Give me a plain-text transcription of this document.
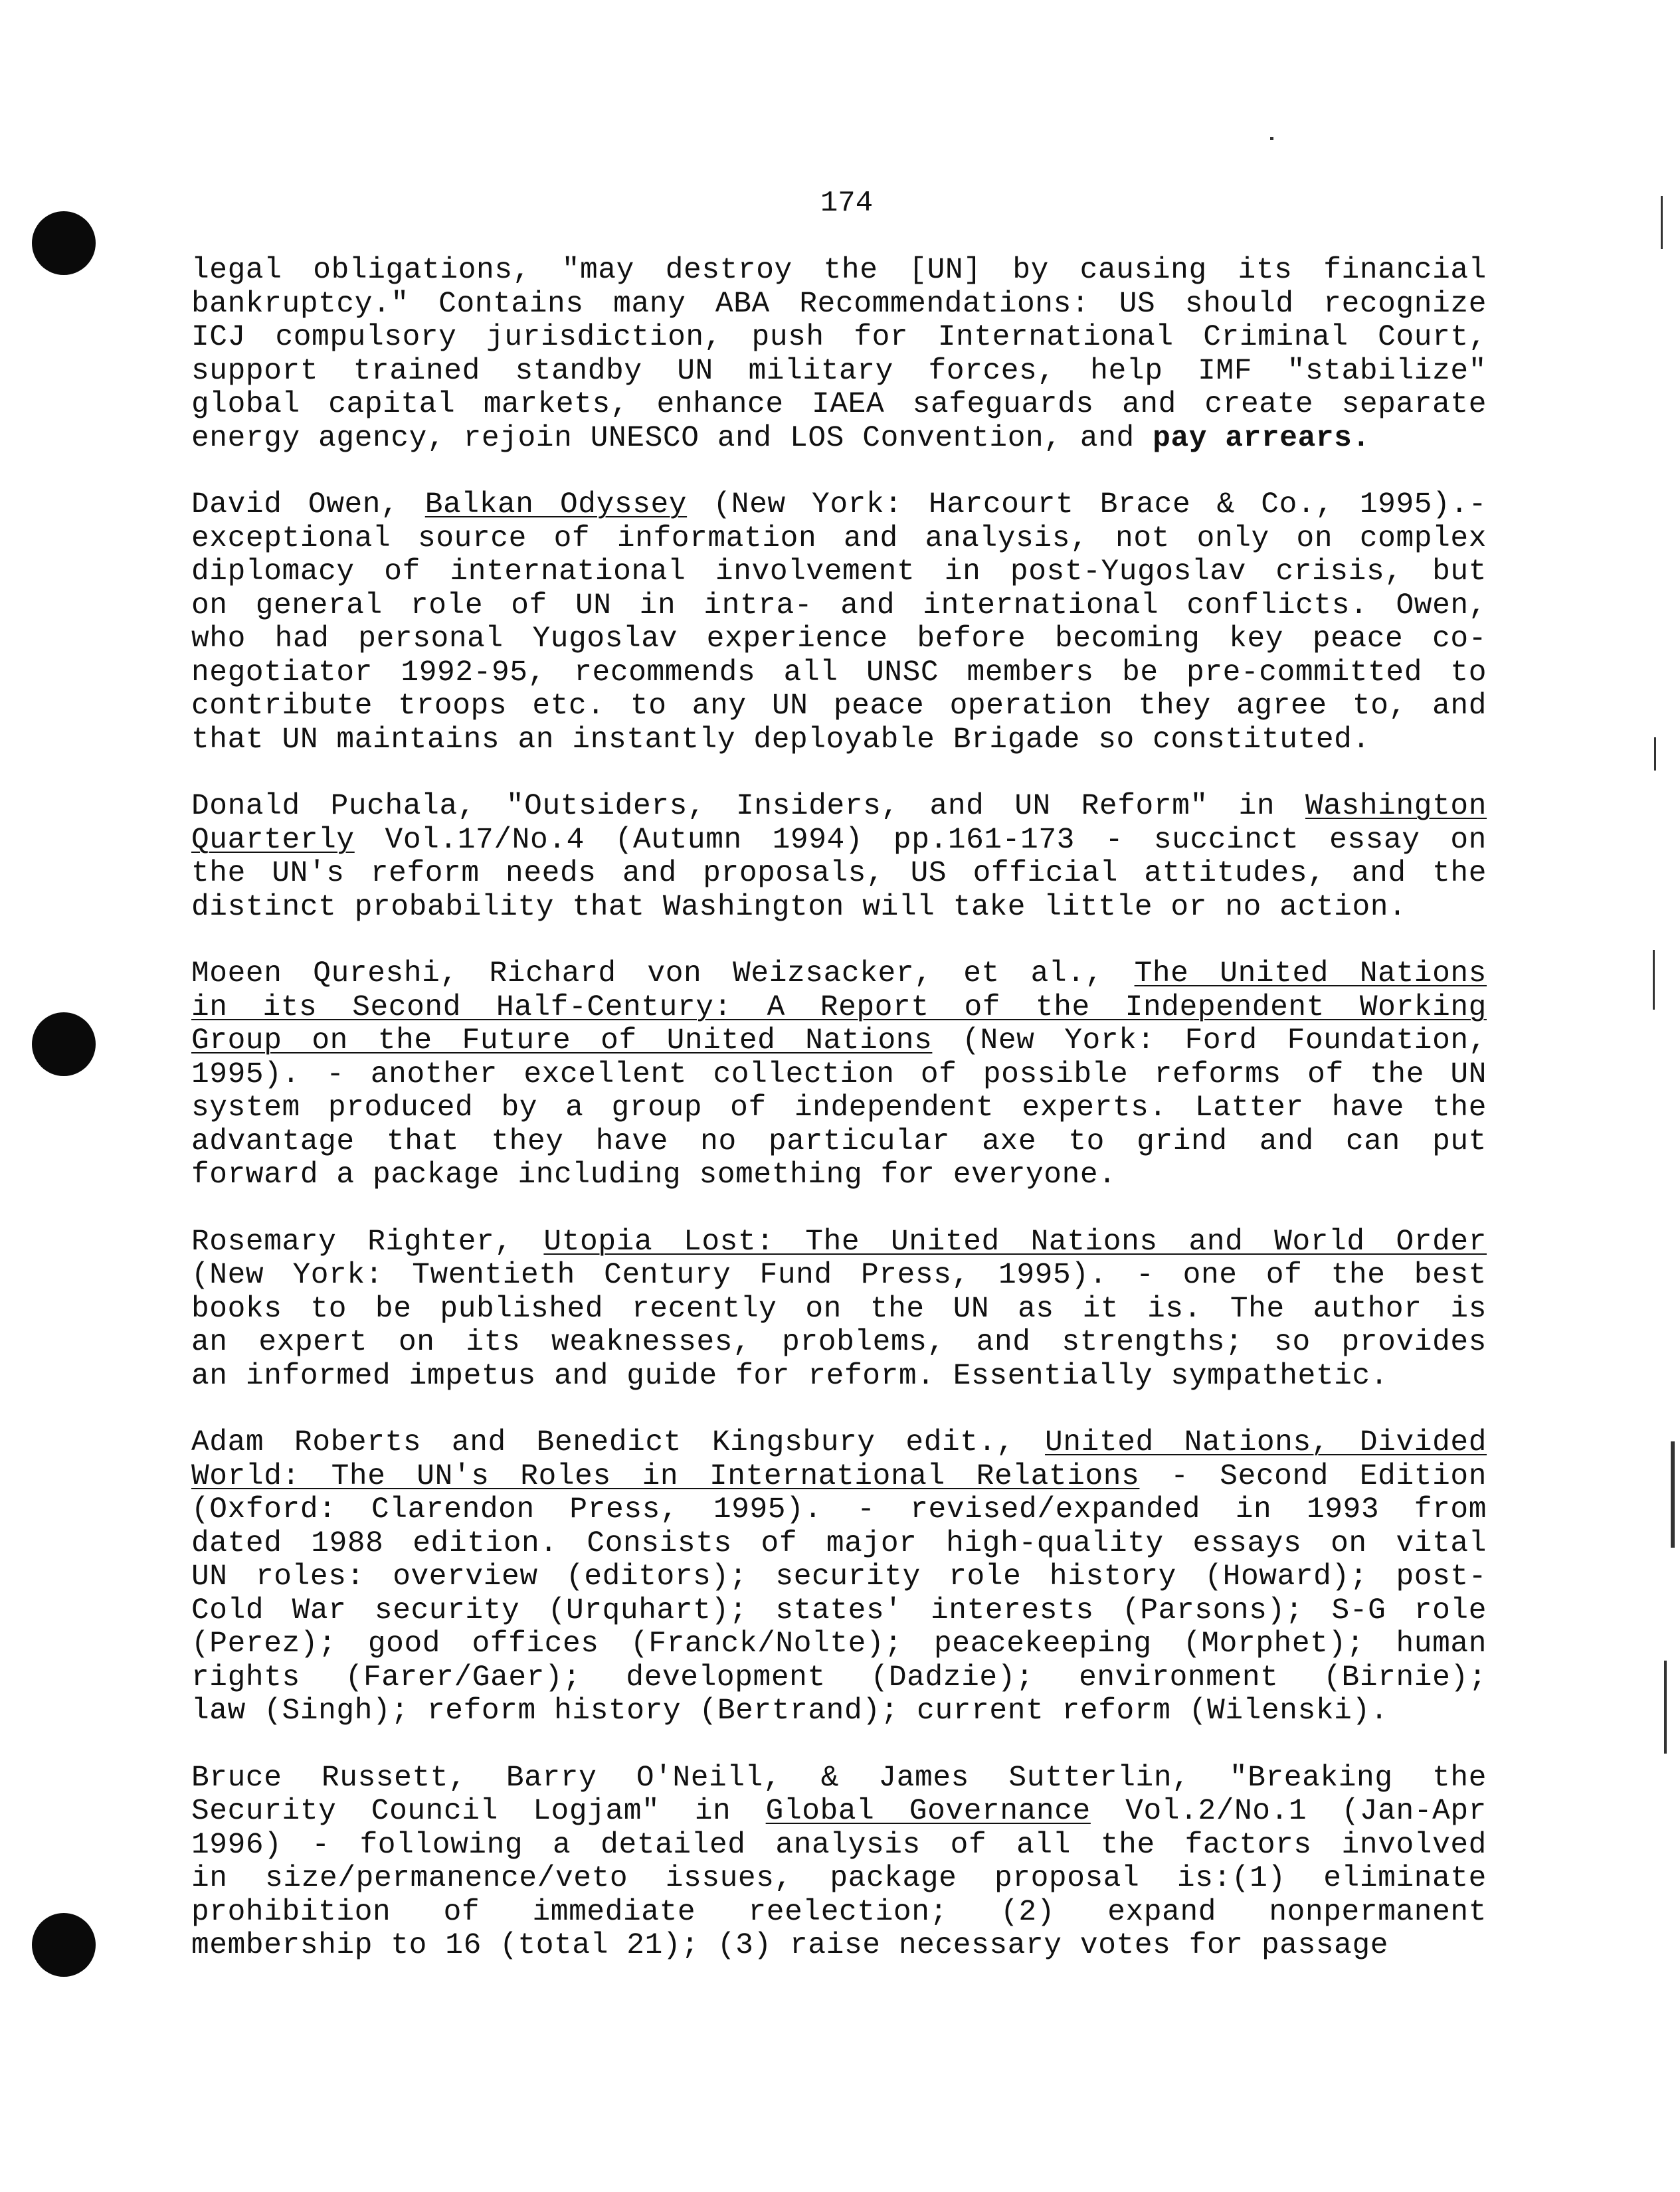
174
legal obligations, "may destroy the [UN] by causing its financial
bankruptcy." Contains many ABA Recommendations: US should recognize
ICJ compulsory jurisdiction, push for International Criminal Court,
support trained standby UN military forces, help IMF "stabilize"
global capital markets, enhance IAEA safeguards and create separate
energy agency, rejoin UNESCO and LOS Convention, and pay arrears.
David Owen, Balkan Odyssey (New York: Harcourt Brace & Co., 1995).-
exceptional source of information and analysis, not only on complex
diplomacy of international involvement in post-Yugoslav crisis, but
on general role of UN in intra- and international conflicts. Owen,
who had personal Yugoslav experience before becoming key peace co-
negotiator 1992-95, recommends all UNSC members be pre-committed to
contribute troops etc. to any UN peace operation they agree to, and
that UN maintains an instantly deployable Brigade so constituted.
Donald Puchala, "Outsiders, Insiders, and UN Reform" in Washington
Quarterly Vol.17/No.4 (Autumn 1994) pp.161-173 - succinct essay on
the UN's reform needs and proposals, US official attitudes, and the
distinct probability that Washington will take little or no action.
Moeen Qureshi, Richard von Weizsacker, et al., The United Nations
in its Second Half-Century: A Report of the Independent Working
Group on the Future of United Nations (New York: Ford Foundation,
1995). - another excellent collection of possible reforms of the UN
system produced by a group of independent experts. Latter have the
advantage that they have no particular axe to grind and can put
forward a package including something for everyone.
Rosemary Righter, Utopia Lost: The United Nations and World Order
(New York: Twentieth Century Fund Press, 1995). - one of the best
books to be published recently on the UN as it is. The author is
an expert on its weaknesses, problems, and strengths; so provides
an informed impetus and guide for reform. Essentially sympathetic.
Adam Roberts and Benedict Kingsbury edit., United Nations, Divided
World: The UN's Roles in International Relations - Second Edition
(Oxford: Clarendon Press, 1995). - revised/expanded in 1993 from
dated 1988 edition. Consists of major high-quality essays on vital
UN roles: overview (editors); security role history (Howard); post-
Cold War security (Urquhart); states' interests (Parsons); S-G role
(Perez); good offices (Franck/Nolte); peacekeeping (Morphet); human
rights (Farer/Gaer); development (Dadzie); environment (Birnie);
law (Singh); reform history (Bertrand); current reform (Wilenski).
Bruce Russett, Barry O'Neill, & James Sutterlin, "Breaking the
Security Council Logjam" in Global Governance Vol.2/No.1 (Jan-Apr
1996) - following a detailed analysis of all the factors involved
in size/permanence/veto issues, package proposal is:(1) eliminate
prohibition of immediate reelection; (2) expand nonpermanent
membership to 16 (total 21); (3) raise necessary votes for passage
